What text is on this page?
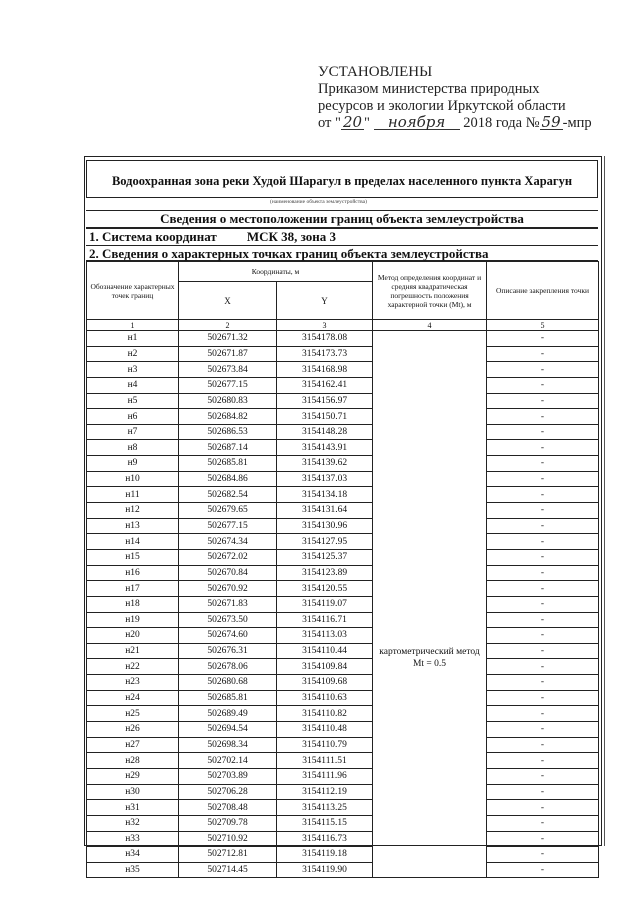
УСТАНОВЛЕНЫ
Приказом министерства природных
ресурсов и экологии Иркутской области
от " 20 " ноября 2018 года № 59 -мпр
Водоохранная зона реки Худой Шарагул в пределах населенного пункта Харагун
(наименование объекта землеустройства)
Сведения о местоположении границ объекта землеустройства
1. Система координат МСК 38, зона 3
2. Сведения о характерных точках границ объекта землеустройства
Обозначение характерных точек границ	Координаты, м		Метод определения координат и средняя квадратическая погрешность положения характерной точки (Mt), м	Описание закрепления точки
	X	Y		
1	2	3	4	5
н1	502671.32	3154178.08	картометрический метод Mt = 0.5	-
н2	502671.87	3154173.73		-
н3	502673.84	3154168.98		-
н4	502677.15	3154162.41		-
н5	502680.83	3154156.97		-
н6	502684.82	3154150.71		-
н7	502686.53	3154148.28		-
н8	502687.14	3154143.91		-
н9	502685.81	3154139.62		-
н10	502684.86	3154137.03		-
н11	502682.54	3154134.18		-
н12	502679.65	3154131.64		-
н13	502677.15	3154130.96		-
н14	502674.34	3154127.95		-
н15	502672.02	3154125.37		-
н16	502670.84	3154123.89		-
н17	502670.92	3154120.55		-
н18	502671.83	3154119.07		-
н19	502673.50	3154116.71		-
н20	502674.60	3154113.03		-
н21	502676.31	3154110.44		-
н22	502678.06	3154109.84		-
н23	502680.68	3154109.68		-
н24	502685.81	3154110.63		-
н25	502689.49	3154110.82		-
н26	502694.54	3154110.48		-
н27	502698.34	3154110.79		-
н28	502702.14	3154111.51		-
н29	502703.89	3154111.96		-
н30	502706.28	3154112.19		-
н31	502708.48	3154113.25		-
н32	502709.78	3154115.15		-
н33	502710.92	3154116.73		-
н34	502712.81	3154119.18		-
н35	502714.45	3154119.90		-
